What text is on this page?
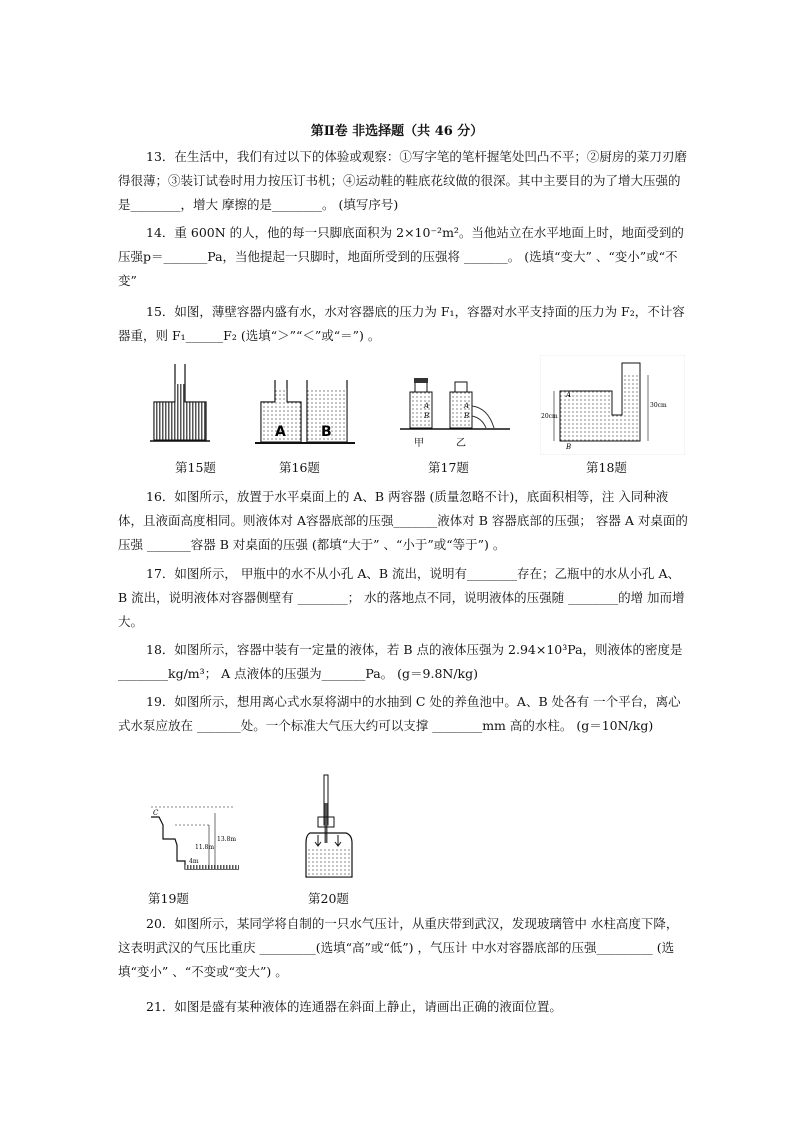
第Ⅱ卷 非选择题（共 46 分）
13．在生活中，我们有过以下的体验或观察：①写字笔的笔杆握笔处凹凸不平；②厨房的菜刀刃磨得很薄；③装订试卷时用力按压订书机；④运动鞋的鞋底花纹做的很深。其中主要目的为了增大压强的是________，增大 摩擦的是________。 (填写序号)
14．重 600N 的人，他的每一只脚底面积为 2×10⁻²m²。当他站立在水平地面上时，地面受到的压强p＝_______Pa，当他提起一只脚时，地面所受到的压强将 _______。 (选填“变大” 、“变小”或“不变”
15．如图，薄壁容器内盛有水，水对容器底的压力为 F₁，容器对水平支持面的压力为 F₂，不计容器重，则 F₁______F₂ (选填“＞”“＜”或“＝”) 。
第15题
A	B
第16题
A
B
A
B
甲	乙
第17题
20cm
30cm
A
B
第18题
16．如图所示，放置于水平桌面上的 A、B 两容器 (质量忽略不计)，底面积相等，注 入同种液体，且液面高度相同。则液体对 A容器底部的压强_______液体对 B 容器底部的压强； 容器 A 对桌面的压强 _______容器 B 对桌面的压强 (都填“大于” 、“小于”或“等于”) 。
17．如图所示， 甲瓶中的水不从小孔 A、B 流出，说明有________存在；乙瓶中的水从小孔 A、B 流出，说明液体对容器侧壁有 ________； 水的落地点不同，说明液体的压强随 ________的增 加而增大。
18．如图所示，容器中装有一定量的液体，若 B 点的液体压强为 2.94×10³Pa，则液体的密度是________kg/m³； A 点液体的压强为_______Pa。 (g＝9.8N/kg)
19．如图所示，想用离心式水泵将湖中的水抽到 C 处的养鱼池中。A、B 处各有 一个平台，离心式水泵应放在 _______处。一个标准大气压大约可以支撑 ________mm 高的水柱。 (g＝10N/kg)
C
13.8m
11.8m
4m
第19题	第20题
20．如图所示，某同学将自制的一只水气压计，从重庆带到武汉，发现玻璃管中 水柱高度下降，这表明武汉的气压比重庆 _________(选填“高”或“低”) ，气压计 中水对容器底部的压强_________ (选填“变小” 、“不变或“变大”) 。
21．如图是盛有某种液体的连通器在斜面上静止，请画出正确的液面位置。
